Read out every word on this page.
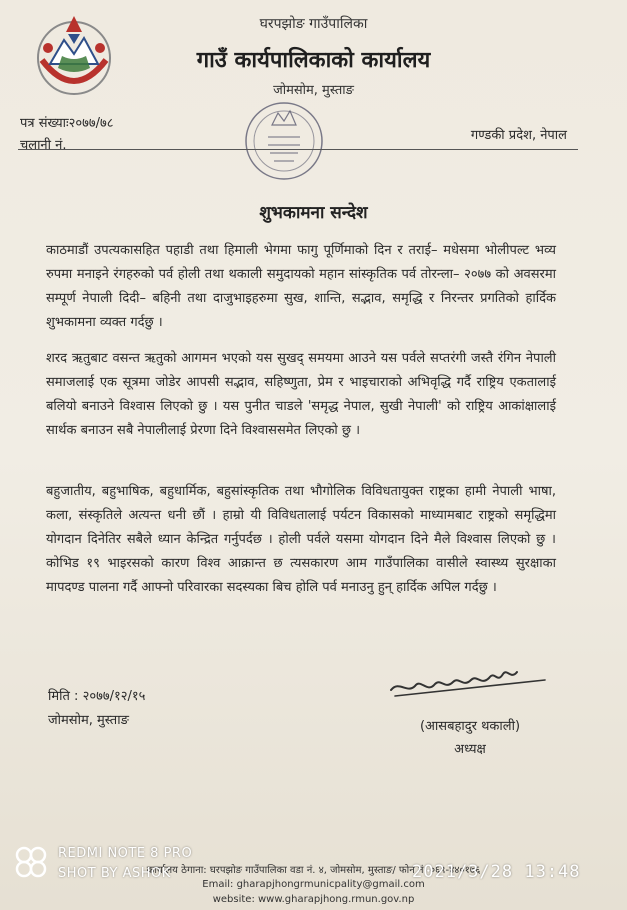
घरपझोङ गाउँपालिका
गाउँ कार्यपालिकाको कार्यालय
जोमसोम, मुस्ताङ
पत्र संख्याः२०७७/७८
चलानी नं.
गण्डकी प्रदेश, नेपाल
शुभकामना सन्देश
काठमाडौं उपत्यकासहित पहाडी तथा हिमाली भेगमा फागु पूर्णिमाको दिन र तराई– मधेसमा भोलीपल्ट भव्य रुपमा मनाइने रंगहरुको पर्व होली तथा थकाली समुदायको महान सांस्कृतिक पर्व तोरन्ला– २०७७ को अवसरमा सम्पूर्ण नेपाली दिदी– बहिनी तथा दाजुभाइहरुमा सुख, शान्ति, सद्भाव, समृद्धि र निरन्तर प्रगतिको हार्दिक शुभकामना व्यक्त गर्दछु ।
शरद ऋतुबाट वसन्त ऋतुको आगमन भएको यस सुखद् समयमा आउने यस पर्वले सप्तरंगी जस्तै रंगिन नेपाली समाजलाई एक सूत्रमा जोडेर आपसी सद्भाव, सहिष्णुता, प्रेम र भाइचाराको अभिवृद्धि गर्दै राष्ट्रिय एकतालाई बलियो बनाउने विश्वास लिएको छु । यस पुनीत चाडले 'समृद्ध नेपाल, सुखी नेपाली' को राष्ट्रिय आकांक्षालाई सार्थक बनाउन सबै नेपालीलाई प्रेरणा दिने विश्वाससमेत लिएको छु ।
बहुजातीय, बहुभाषिक, बहुधार्मिक, बहुसांस्कृतिक तथा भौगोलिक विविधतायुक्त राष्ट्रका हामी नेपाली भाषा, कला, संस्कृतिले अत्यन्त धनी छौं । हाम्रो यी विविधतालाई पर्यटन विकासको माध्यामबाट राष्ट्रको समृद्धिमा योगदान दिनेतिर सबैले ध्यान केन्द्रित गर्नुपर्दछ । होली पर्वले यसमा योगदान दिने मैले विश्वास लिएको छु । कोभिड १९ भाइरसको कारण विश्व आक्रान्त छ त्यसकारण आम गाउँपालिका वासीले स्वास्थ्य सुरक्षाका मापदण्ड पालना गर्दै आफ्नो परिवारका सदस्यका बिच होलि पर्व मनाउनु हुन् हार्दिक अपिल गर्दछु ।
मिति : २०७७/१२/१५
जोमसोम, मुस्ताङ	(आसबहादुर थकाली)
अध्यक्ष
कार्यालय ठेगाना: घरपझोङ गाउँपालिका वडा नं. ४, जोमसोम, मुस्ताङ/ फोन नं. ०६९-४४०१७६
Email: gharapjhongrmunicpality@gmail.com
website: www.gharapjhong.rmun.gov.np
REDMI NOTE 8 PRO
SHOT BY ASHOK	2021/3/28 13:48
